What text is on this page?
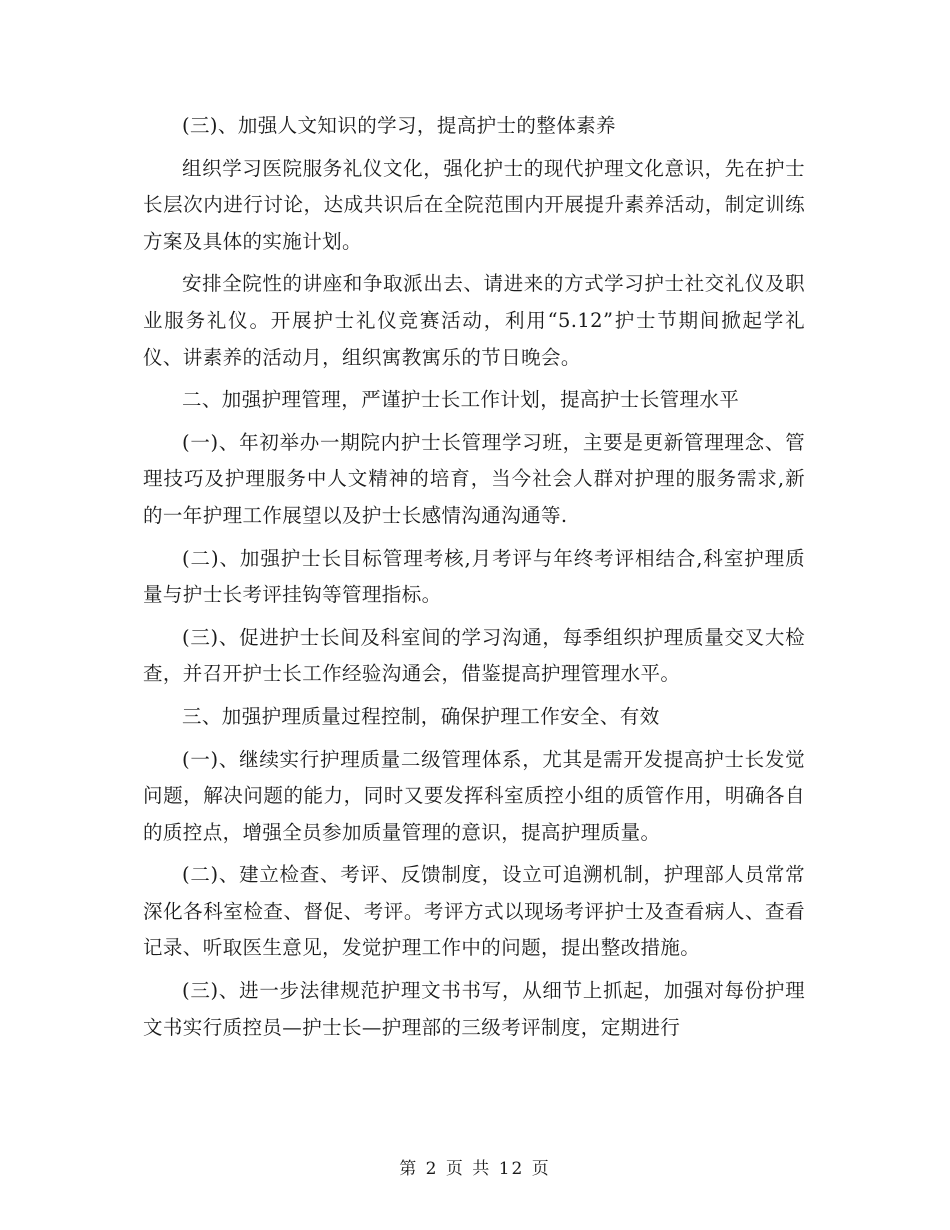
(三)、加强人文知识的学习，提高护士的整体素养

组织学习医院服务礼仪文化，强化护士的现代护理文化意识，先在护士长层次内进行讨论，达成共识后在全院范围内开展提升素养活动，制定训练方案及具体的实施计划。

安排全院性的讲座和争取派出去、请进来的方式学习护士社交礼仪及职业服务礼仪。开展护士礼仪竞赛活动，利用“5.12”护士节期间掀起学礼仪、讲素养的活动月，组织寓教寓乐的节日晚会。

二、加强护理管理，严谨护士长工作计划，提高护士长管理水平

(一)、年初举办一期院内护士长管理学习班，主要是更新管理理念、管理技巧及护理服务中人文精神的培育，当今社会人群对护理的服务需求,新的一年护理工作展望以及护士长感情沟通沟通等.

(二)、加强护士长目标管理考核,月考评与年终考评相结合,科室护理质量与护士长考评挂钩等管理指标。

(三)、促进护士长间及科室间的学习沟通，每季组织护理质量交叉大检查，并召开护士长工作经验沟通会，借鉴提高护理管理水平。

三、加强护理质量过程控制，确保护理工作安全、有效

(一)、继续实行护理质量二级管理体系，尤其是需开发提高护士长发觉问题，解决问题的能力，同时又要发挥科室质控小组的质管作用，明确各自的质控点，增强全员参加质量管理的意识，提高护理质量。

(二)、建立检查、考评、反馈制度，设立可追溯机制，护理部人员常常深化各科室检查、督促、考评。考评方式以现场考评护士及查看病人、查看记录、听取医生意见，发觉护理工作中的问题，提出整改措施。

(三)、进一步法律规范护理文书书写，从细节上抓起，加强对每份护理文书实行质控员—护士长—护理部的三级考评制度，定期进行

第 2 页 共 12 页
